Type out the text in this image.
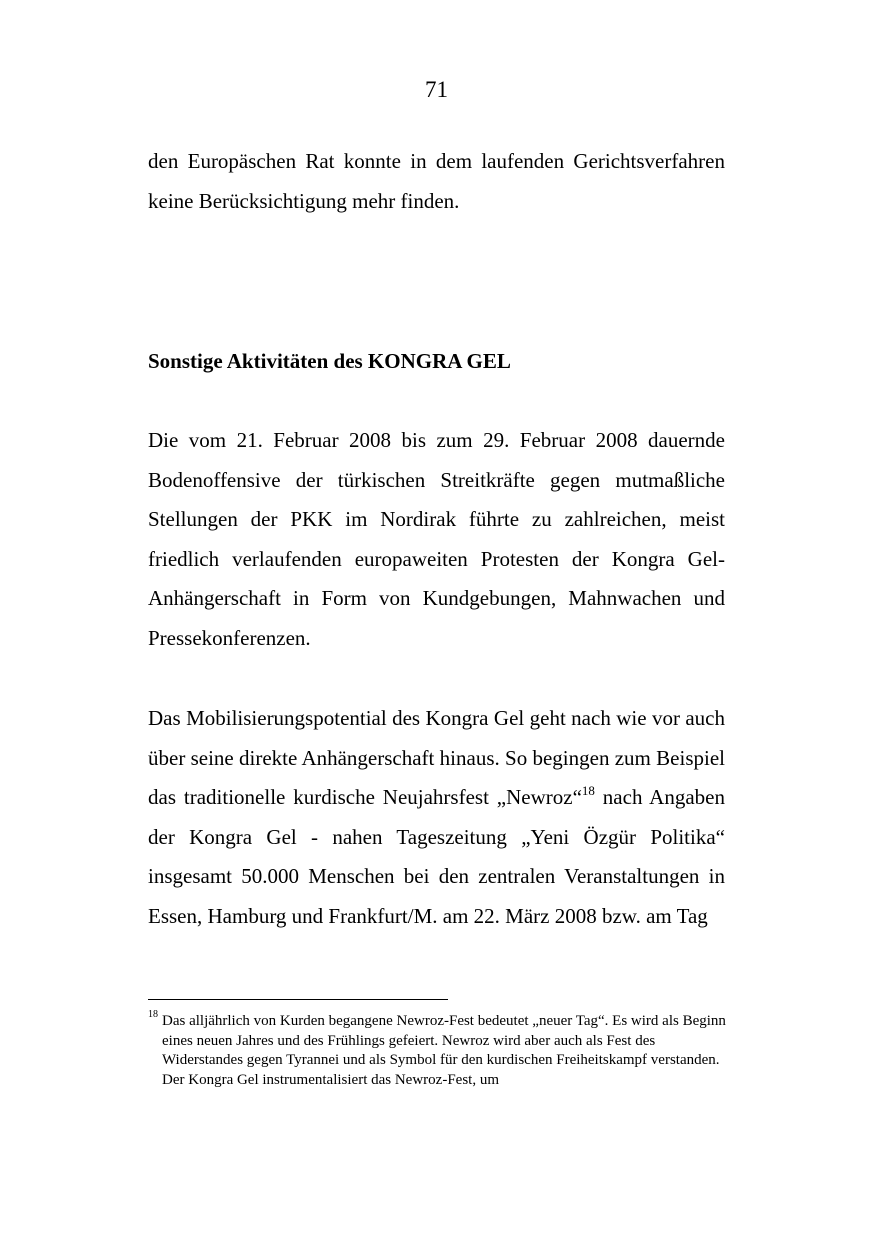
71

den Europäschen Rat konnte in dem laufenden Gerichtsverfahren keine Berücksichtigung mehr finden.

Sonstige Aktivitäten des KONGRA GEL

Die vom 21. Februar 2008 bis zum 29. Februar 2008 dauernde Bodenoffensive der türkischen Streitkräfte gegen mutmaßliche Stellungen der PKK im Nordirak führte zu zahlreichen, meist friedlich verlaufenden europaweiten Protesten der Kongra Gel-Anhängerschaft in Form von Kundgebungen, Mahnwachen und Pressekonferenzen.

Das Mobilisierungspotential des Kongra Gel geht nach wie vor auch über seine direkte Anhängerschaft hinaus. So begingen zum Beispiel das traditionelle kurdische Neujahrsfest „Newroz“$^{18}$ nach Angaben der Kongra Gel - nahen Tageszeitung „Yeni Özgür Politika“ insgesamt 50.000 Menschen bei den zentralen Veranstaltungen in Essen, Hamburg und Frankfurt/M. am 22. März 2008 bzw. am Tag

18 Das alljährlich von Kurden begangene Newroz-Fest bedeutet „neuer Tag“. Es wird als Beginn eines neuen Jahres und des Frühlings gefeiert. Newroz wird aber auch als Fest des Widerstandes gegen Tyrannei und als Symbol für den kurdischen Freiheitskampf verstanden. Der Kongra Gel instrumentalisiert das Newroz-Fest, um
